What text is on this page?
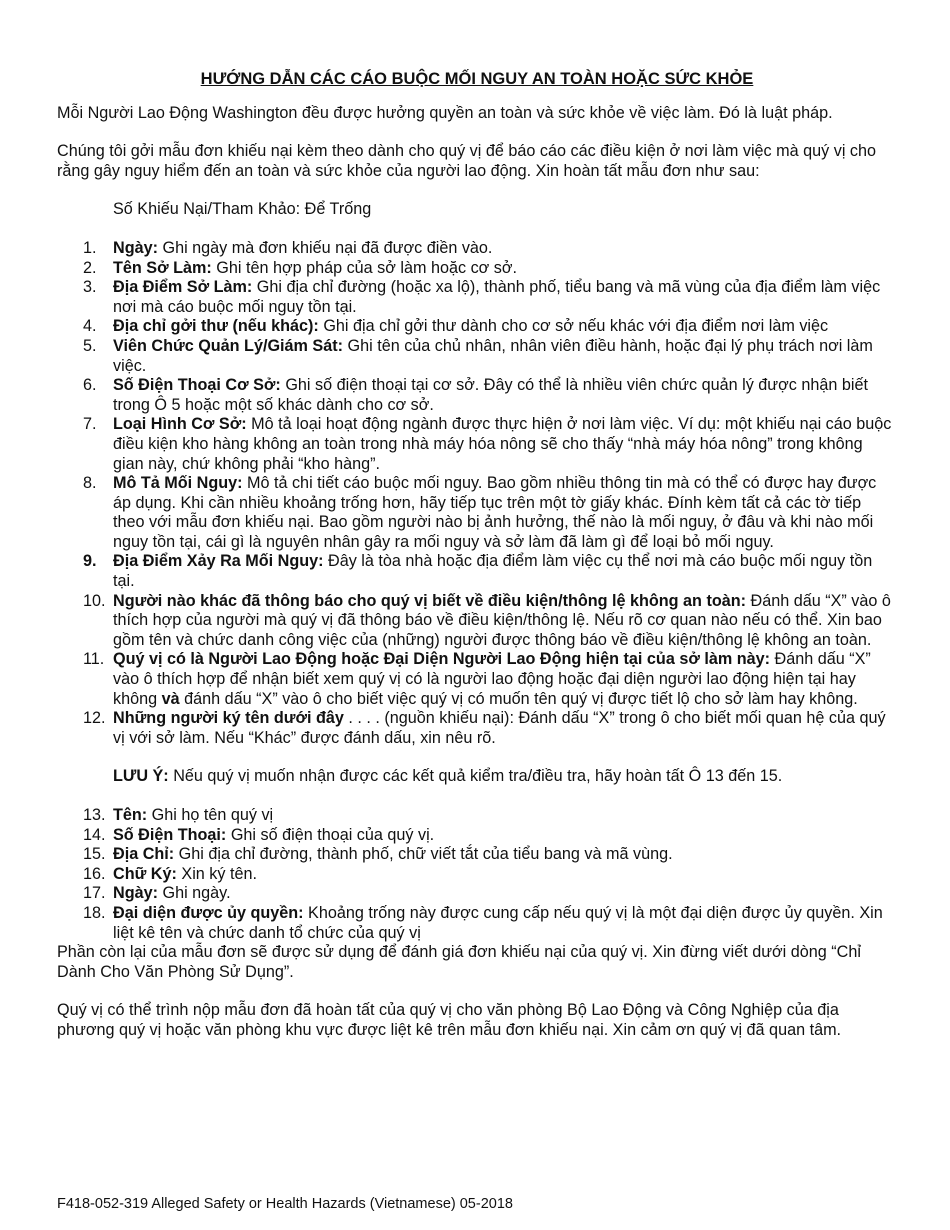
HƯỚNG DẪN CÁC CÁO BUỘC MỐI NGUY AN TOÀN HOẶC SỨC KHỎE

Mỗi Người Lao Động Washington đều được hưởng quyền an toàn và sức khỏe về việc làm. Đó là luật pháp.

Chúng tôi gởi mẫu đơn khiếu nại kèm theo dành cho quý vị để báo cáo các điều kiện ở nơi làm việc mà quý vị cho rằng gây nguy hiểm đến an toàn và sức khỏe của người lao động. Xin hoàn tất mẫu đơn như sau:

Số Khiếu Nại/Tham Khảo: Để Trống

1.	Ngày: Ghi ngày mà đơn khiếu nại đã được điền vào.
2.	Tên Sở Làm: Ghi tên hợp pháp của sở làm hoặc cơ sở.
3.	Địa Điểm Sở Làm: Ghi địa chỉ đường (hoặc xa lộ), thành phố, tiểu bang và mã vùng của địa điểm làm việc nơi mà cáo buộc mối nguy tồn tại.
4.	Địa chỉ gởi thư (nếu khác): Ghi địa chỉ gởi thư dành cho cơ sở nếu khác với địa điểm nơi làm việc
5.	Viên Chức Quản Lý/Giám Sát: Ghi tên của chủ nhân, nhân viên điều hành, hoặc đại lý phụ trách nơi làm việc.
6.	Số Điện Thoại Cơ Sở: Ghi số điện thoại tại cơ sở. Đây có thể là nhiều viên chức quản lý được nhận biết trong Ô 5 hoặc một số khác dành cho cơ sở.
7.	Loại Hình Cơ Sở: Mô tả loại hoạt động ngành được thực hiện ở nơi làm việc. Ví dụ: một khiếu nại cáo buộc điều kiện kho hàng không an toàn trong nhà máy hóa nông sẽ cho thấy “nhà máy hóa nông” trong không gian này, chứ không phải “kho hàng”.
8.	Mô Tả Mối Nguy: Mô tả chi tiết cáo buộc mối nguy. Bao gồm nhiều thông tin mà có thể có được hay được áp dụng. Khi cần nhiều khoảng trống hơn, hãy tiếp tục trên một tờ giấy khác. Đính kèm tất cả các tờ tiếp theo với mẫu đơn khiếu nại. Bao gồm người nào bị ảnh hưởng, thế nào là mối nguy, ở đâu và khi nào mối nguy tồn tại, cái gì là nguyên nhân gây ra mối nguy và sở làm đã làm gì để loại bỏ mối nguy.
9.	Địa Điểm Xảy Ra Mối Nguy: Đây là tòa nhà hoặc địa điểm làm việc cụ thể nơi mà cáo buộc mối nguy tồn tại.
10. Người nào khác đã thông báo cho quý vị biết về điều kiện/thông lệ không an toàn: Đánh dấu “X” vào ô thích hợp của người mà quý vị đã thông báo về điều kiện/thông lệ. Nếu rõ cơ quan nào nếu có thể. Xin bao gồm tên và chức danh công việc của (những) người được thông báo về điều kiện/thông lệ không an toàn.
11. Quý vị có là Người Lao Động hoặc Đại Diện Người Lao Động hiện tại của sở làm này: Đánh dấu “X” vào ô thích hợp để nhận biết xem quý vị có là người lao động hoặc đại diện người lao động hiện tại hay không và đánh dấu “X” vào ô cho biết việc quý vị có muốn tên quý vị được tiết lộ cho sở làm hay không.
12. Những người ký tên dưới đây . . . . (nguồn khiếu nại): Đánh dấu “X” trong ô cho biết mối quan hệ của quý vị với sở làm. Nếu “Khác” được đánh dấu, xin nêu rõ.

LƯU Ý: Nếu quý vị muốn nhận được các kết quả kiểm tra/điều tra, hãy hoàn tất Ô 13 đến 15.

13. Tên: Ghi họ tên quý vị
14. Số Điện Thoại: Ghi số điện thoại của quý vị.
15. Địa Chỉ: Ghi địa chỉ đường, thành phố, chữ viết tắt của tiểu bang và mã vùng.
16. Chữ Ký: Xin ký tên.
17. Ngày: Ghi ngày.
18. Đại diện được ủy quyền: Khoảng trống này được cung cấp nếu quý vị là một đại diện được ủy quyền. Xin liệt kê tên và chức danh tổ chức của quý vị

Phần còn lại của mẫu đơn sẽ được sử dụng để đánh giá đơn khiếu nại của quý vị. Xin đừng viết dưới dòng “Chỉ Dành Cho Văn Phòng Sử Dụng”.

Quý vị có thể trình nộp mẫu đơn đã hoàn tất của quý vị cho văn phòng Bộ Lao Động và Công Nghiệp của địa phương quý vị hoặc văn phòng khu vực được liệt kê trên mẫu đơn khiếu nại. Xin cảm ơn quý vị đã quan tâm.

F418-052-319 Alleged Safety or Health Hazards (Vietnamese) 05-2018
